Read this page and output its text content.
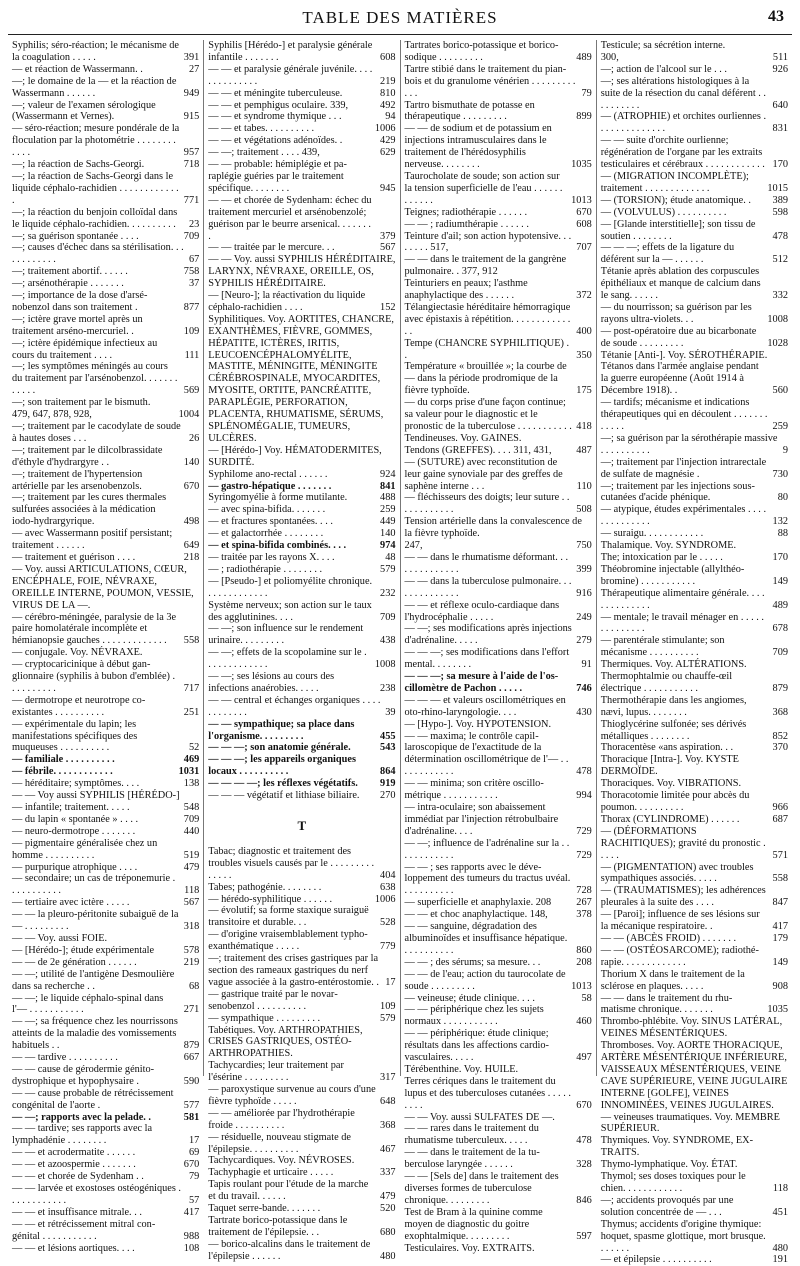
TABLE DES MATIÈRES	43
Syphilis; séro-réaction; le mécanisme de la coagulation . . . . .	391
— et réaction de Wassermann. .	27
—; le domaine de la — et la réaction de Wassermann . . . . . .	949
—; valeur de l'examen sérologique (Wassermann et Vernes).	915
— séro-réaction; mesure pondérale de la floculation par la photométrie . . . . . . . . . . . .	957
—; la réaction de Sachs-Georgi.	718
—; la réaction de Sachs-Georgi dans le liquide céphalo-rachidien . . . . . . . . . . . . .	771
—; la réaction du benjoin colloïdal dans le liquide céphalo-rachidien. . . . . . . . . .	23
—; sa guérison spontanée . . . .	709
—; causes d'échec dans sa stérilisation. . . . . . . . . . . .	67
—; traitement abortif. . . . . .	758
—; arsénothérapie . . . . . . .	37
—; importance de la dose d'arsénobenzol dans son traitement .	877
—; ictère grave mortel après un traitement arséno-mercuriel. .	109
—; ictère épidémique infectieux au cours du traitement . . . .	111
—; les symptômes méningés au cours du traitement par l'arsénobenzol. . . . . . . . . . . .	569
—; son traitement par le bismuth.
479, 647, 878, 928,	1004
—; traitement par le cacodylate de soude à hautes doses . . .	26
—; traitement par le dilcolbrassidate d'éthyle d'hydrargyre . .	140
—; traitement de l'hypertension artérielle par les arsenobenzols.	670
—; traitement par les cures thermales sulfurées associées à la médication iodo-hydrargyrique.	498
— avec Wassermann positif persistant; traitement . . . . . .	649
— traitement et guérison . . . .	218
— Voy. aussi ARTICULATIONS, CŒUR, ENCÉPHALE, FOIE, NÉVRAXE, OREILLE INTERNE, POUMON, VESSIE, VIRUS DE LA —.
— cérébro-méningée, paralysie de la 3e paire homolatérale incomplète et hémianopsie gauches . . . . . . . . . . . . .	558
— conjugale. Voy. NÉVRAXE.
— cryptocaricinique à début ganglionnaire (syphilis à bubon d'emblée) . . . . . . . . . .	717
— dermotrope et neurotrope coexistantes . . . . . . . . . .	251
— expérimentale du lapin; les manifestations spécifiques des muqueuses . . . . . . . . . .	52
— familiale . . . . . . . . . .	469
— fébrile. . . . . . . . . . . .	1031
— héréditaire; symptômes. . . .	138
— — Voy aussi SYPHILIS [HÉRÉDO-]
— infantile; traitement. . . . .	548
— du lapin « spontanée » . . . .	709
— neuro-dermotrope . . . . . . .	440
— pigmentaire généralisée chez un homme . . . . . . . . . .	519
— purpurique atrophique . . . .	479
— secondaire; un cas de tréponemurie . . . . . . . . . . .	118
— tertiaire avec ictère . . . . .	567
— — la pleuro-péritonite subaiguë de la — . . . . . . . . .	318
— — Voy. aussi FOIE.
— [Hérédo-]; étude expérimentale	578
— — de 2e génération . . . . . .	219
— —; utilité de l'antigène Desmoulière dans sa recherche . .	68
— —; le liquide céphalo-spinal dans l'— . . . . . . . . . . .	271
— —; sa fréquence chez les nourrissons atteints de la maladie des vomissements habituels . .	879
— — tardive . . . . . . . . . .	667
— — cause de gérodermie génitodystrophique et hypophysaire .	590
— — cause probable de rétrécissement congénital de l'aorte .	577
— —; rapports avec la pelade. .	581
— — tardive; ses rapports avec la lymphadénie . . . . . . . .	17
— — et acrodermatite . . . . . .	69
— — et azoospermie . . . . . . .	670
— — et chorée de Sydenham . .	79
— — larvée et exostoses ostéogéniques . . . . . . . . . . . .	57
— — et insuffisance mitrale. . .	417
— — et rétrécissement mitral congénital . . . . . . . . . . .	988
— — et lésions aortiques. . . .	108
Syphilis [Hérédo-] et paralysie générale infantile . . . . . . .	608
— — et paralysie générale juvénile. . . . . . . . . . . . . .	219
— — et méningite tuberculeuse.	810
— — et pemphigus oculaire. 339,	492
— — et syndrome thymique . . .	94
— — et tabes. . . . . . . . . .	1006
— — et végétations adénoïdes. .	429
— —; traitement . . . . 439,	629
— — probable: hémiplégie et paraplégie guéries par le traitement spécifique. . . . . . . .	945
— — et chorée de Sydenham: échec du traitement mercuriel et arsénobenzolé; guérison par le beurre arsenical. . . . . . . .	379
— — traitée par le mercure. . .	567
— — Voy. aussi SYPHILIS HÉRÉDITAIRE, LARYNX, NÉVRAXE, OREILLE, OS, SYPHILIS HÉRÉDITAIRE.
— [Neuro-]; la réactivation du liquide céphalo-rachidien . . . .	152
Syphilitiques. Voy. AORTITES, CHANCRE, EXANTHÈMES, FIÈVRE, GOMMES, HÉPATITE, ICTÈRES, IRITIS, LEUCOENCÉPHALOMYÉLITE, MASTITE, MÉNINGITE, MÉNINGITE CÉRÉBROSPINALE, MYOCARDITES, MYOSITE, ORTITE, PANCRÉATITE, PARAPLÉGIE, PERFORATION, PLACENTA, RHUMATISME, SÉRUMS, SPLÉNOMÉGALIE, TUMEURS, ULCÈRES.
— [Hérédo-] Voy. HÉMATODERMITES, SURDITÉ.
Syphilome ano-rectal . . . . . .	924
— gastro-hépatique . . . . . . .	841
Syringomyélie à forme mutilante.	488
— avec spina-bifida. . . . . . .	259
— et fractures spontanées. . . .	449
— et galactorrhée . . . . . . . .	140
— et spina-bifida combinés. . . .	974
— traitée par les rayons X. . . .	48
— ; radiothérapie . . . . . . . .	579
— [Pseudo-] et poliomyélite chronique. . . . . . . . . . . . .	232
Système nerveux; son action sur le taux des agglutinines. . . .	709
— —; son influence sur le rendement urinaire. . . . . . . . .	438
— —; effets de la scopolamine sur le . . . . . . . . . . . . .	1008
— —; ses lésions au cours des infections anaérobies. . . . .	238
— — central et échanges organiques . . . . . . . . . . . .	39
— — sympathique; sa place dans l'organisme. . . . . . . . .	455
— — —; son anatomie générale.	543
— — —; les appareils organiques locaux . . . . . . . . . .	864
— — — —; les réflexes végétatifs.	919
— — — végétatif et lithiase biliaire.	270
T
Tabac; diagnostic et traitement des troubles visuels causés par le . . . . . . . . . . . . . .	404
Tabes; pathogénie. . . . . . . .	638
— hérédo-syphilitique . . . . . .	1006
— évolutif; sa forme staxique suraiguë transitoire et durable. . .	528
— d'origine vraisemblablement typho-exanthématique . . . . .	779
—; traitement des crises gastriques par la section des rameaux gastriques du nerf vague associée à la gastro-entérostomie. . 17
— gastrique traité par le novarsenobenzol . . . . . . . . . .	109
— sympathique . . . . . . . . .	579
Tabétiques. Voy. ARTHROPATHIES, CRISES GASTRIQUES, OSTÉO-ARTHROPATHIES.
Tachycardies; leur traitement par l'ésérine . . . . . . . . .	317
— paroxystique survenue au cours d'une fièvre typhoïde . . . . .	648
— — améliorée par l'hydrothérapie froide . . . . . . . . . .	368
— résiduelle, nouveau stigmate de l'épilepsie. . . . . . . . . .	467
Tachycardiques. Voy. NÉVROSES.
Tachyphagie et urticaire . . . . .	337
Tapis roulant pour l'étude de la marche et du travail. . . . . .	479
Taquet serre-bande. . . . . . .	520
Tartrate borico-potassique dans le traitement de l'épilepsie. . .	680
— borico-alcalins dans le traitement de l'épilepsie . . . . . .	480
Tartrates borico-potassique et borico-sodique . . . . . . . . .	489
Tartre stibié dans le traitement du pian-bois et du granulome vénérien . . . . . . . . . . . .	79
Tartro bismuthate de potasse en thérapeutique . . . . . . . . .	899
— — de sodium et de potassium en injections intramusculaires dans le traitement de l'hérédosyphilis nerveuse. . . . . . . .	1035
Taurocholate de soude; son action sur la tension superficielle de l'eau . . . . . . . . . . . .	1013
Teignes; radiothérapie . . . . . .	670
— — ; radiumthérapie . . . . . .	608
Teinture d'ail; son action hypotensive. . . . . . . . 517,	707
— — dans le traitement de la gangrène pulmonaire. . 377, 912
Teinturiers en peaux; l'asthme anaphylactique des . . . . . .	372
Télangiectasie héréditaire hémorragique avec épistaxis à répétition. . . . . . . . . . . . . .	400
Tempe (CHANCRE SYPHILITIQUE) . .	350
Température « brouillée »; la courbe de — dans la période prodromique de la fièvre typhoïde.	175
— du corps prise d'une façon continue; sa valeur pour le diagnostic et le pronostic de la tuberculose . . . . . . . . . . . 418
Tendineuses. Voy. GAINES.
Tendons (GREFFES). . . . 311, 431,	487
— (SUTURE) avec reconstitution de leur gaine synoviale par des greffes de saphène interne . . .	110
— fléchisseurs des doigts; leur suture . . . . . . . . . . . .	508
Tension artérielle dans la convalescence de la fièvre typhoïde.
247,	750
— — dans le rhumatisme déformant. . . . . . . . . . . . . .	399
— — dans la tuberculose pulmonaire. . . . . . . . . . . . . .	916
— — et réflexe oculo-cardiaque dans l'hydrocéphalie . . . . .	249
— —; ses modifications après injections d'adrénaline. . . . .	279
— — —; ses modifications dans l'effort mental. . . . . . . .	91
— — —; sa mesure à l'aide de l'oscillomètre de Pachon . . . . .	746
— — — et valeurs oscillométriques en oto-rhino-laryngologie. . . .	430
— [Hypo-]. Voy. HYPOTENSION.
— — maxima; le contrôle capillaroscopique de l'exactitude de la détermination oscillométrique de l'— . . . . . . . . . . . .	478
— — minima; son critère oscillométrique . . . . . . . . . . .	994
— intra-oculaire; son abaissement immédiat par l'injection rétrobulbaire d'adrénaline. . . .	729
— —; influence de l'adrénaline sur la . . . . . . . . . . . .	729
— — ; ses rapports avec le développement des tumeurs du tractus uvéal. . . . . . . . . . .	728
— superficielle et anaphylaxie. 208	267
— — et choc anaphylactique. 148,	378
— — sanguine, dégradation des albuminoïdes et insuffisance hépatique. . . . . . . . . . .	860
— — ; des sérums; sa mesure. . .	208
— — de l'eau; action du taurocolate de soude . . . . . . . . .	1013
— veineuse; étude clinique. . . .	58
— — périphérique chez les sujets normaux . . . . . . . . . . .	460
— — périphérique: étude clinique; résultats dans les affections cardio-vasculaires. . . . .	497
Térébenthine. Voy. HUILE.
Terres cériques dans le traitement du lupus et des tuberculoses cutanées . . . . . . . . .	670
— — Voy. aussi SULFATES DE —.
— — rares dans le traitement du rhumatisme tuberculeux. . . . .	478
— — dans le traitement de la tuberculose laryngée . . . . . .	328
— — [Sels de] dans le traitement des diverses formes de tuberculose chronique. . . . . . . . .	846
Test de Bram à la quinine comme moyen de diagnostic du goitre exophtalmique. . . . . . . . .	597
Testiculaires. Voy. EXTRAITS.
Testicule; sa sécrétion interne.
300,	511
—; action de l'alcool sur le . . .	926
—; ses altérations histologiques à la suite de la résection du canal déférent . . . . . . . . . .	640
— (ATROPHIE) et orchites ourliennes . . . . . . . . . . . . . .	831
— — suite d'orchite ourlienne; régénération de l'organe par les extraits testiculaires et cérébraux . . . . . . . . . . . . 170
— (MIGRATION INCOMPLÈTE); traitement . . . . . . . . . . . . .	1015
— (TORSION); étude anatomique. .	389
— (VOLVULUS) . . . . . . . . . .	598
— [Glande interstitielle]; son tissu de soutien . . . . . . . .	478
— — —; effets de la ligature du déférent sur la — . . . . . .	512
Tétanie après ablation des corpuscules épithéliaux et manque de calcium dans le sang. . . . . .	332
— du nourrisson; sa guérison par les rayons ultra-violets. . .	1008
— post-opératoire due au bicarbonate de soude . . . . . . . . .	1028
Tétanie [Anti-]. Voy. SÉROTHÉRAPIE.
Tétanos dans l'armée anglaise pendant la guerre européenne (Août 1914 à Décembre 1918). .	560
— tardifs; mécanisme et indications thérapeutiques qui en découlent . . . . . . . . . . . .	259
—; sa guérison par la sérothérapie massive . . . . . . . . . .	9
—; traitement par l'injection intrarectale de sulfate de magnésie .	730
—; traitement par les injections sous-cutanées d'acide phénique.	80
— atypique, études expérimentales . . . . . . . . . . . . . .	132
— suraigu. . . . . . . . . . . .	88
Thalamique. Voy. SYNDROME.
The; intoxication par le . . . . .	170
Théobromine injectable (allylthéobromine) . . . . . . . . . . .	149
Thérapeutique alimentaire générale. . . . . . . . . . . . . .	489
— mentale; le travail ménager en . . . . . . . . . . . . . .	678
— parentérale stimulante; son mécanisme . . . . . . . . . .	709
Thermiques. Voy. ALTÉRATIONS.
Thermophtalmie ou chauffe-œil électrique . . . . . . . . . . .	879
Thermothérapie dans les angiomes, nævi, lupus. . . . . . . .	368
Thioglycérine sulfonée; ses dérivés métalliques . . . . . . . .	852
Thoracentèse «ans aspiration. . .	370
Thoracique [Intra-]. Voy. KYSTE DERMOÏDE.
Thoraciques. Voy. VIBRATIONS.
Thoracotomie limitée pour abcès du poumon. . . . . . . . . .	966
Thorax (CYLINDROME) . . . . . .	687
— (DÉFORMATIONS RACHITIQUES); gravité du pronostic . . . . .	571
— (PIGMENTATION) avec troubles sympathiques associés. . . . .	558
— (TRAUMATISMES); les adhérences pleurales à la suite des . . . .	847
— [Paroi]; influence de ses lésions sur la mécanique respiratoire. .	417
— — (ABCÈS FROID) . . . . . . .	179
— — (OSTÉOSARCOME); radiothérapie. . . . . . . . . . . . .	149
Thorium X dans le traitement de la sclérose en plaques. . . . .	908
— — dans le traitement du rhumatisme chronique. . . . . . .	1035
Thrombo-phlébite. Voy. SINUS LATÉRAL, VEINES MÉSENTÉRIQUES.
Thromboses. Voy. AORTE THORACIQUE, ARTÈRE MÉSENTÉRIQUE INFÉRIEURE, VAISSEAUX MÉSENTÉRIQUES, VEINE CAVE SUPÉRIEURE, VEINE JUGULAIRE INTERNE [GOLFE], VEINES INNOMINÉES, VEINES JUGULAIRES.
— veineuses traumatiques. Voy. MEMBRE SUPÉRIEUR.
Thymiques. Voy. SYNDROME, EXTRAITS.
Thymo-lymphatique. Voy. ÉTAT.
Thymol; ses doses toxiques pour le chien. . . . . . . . . . . .	118
—; accidents provoqués par une solution concentrée de — . . .	451
Thymus; accidents d'origine thymique: hoquet, spasme glottique, mort brusque. . . . . . .	480
— et épilepsie . . . . . . . . . .	191
